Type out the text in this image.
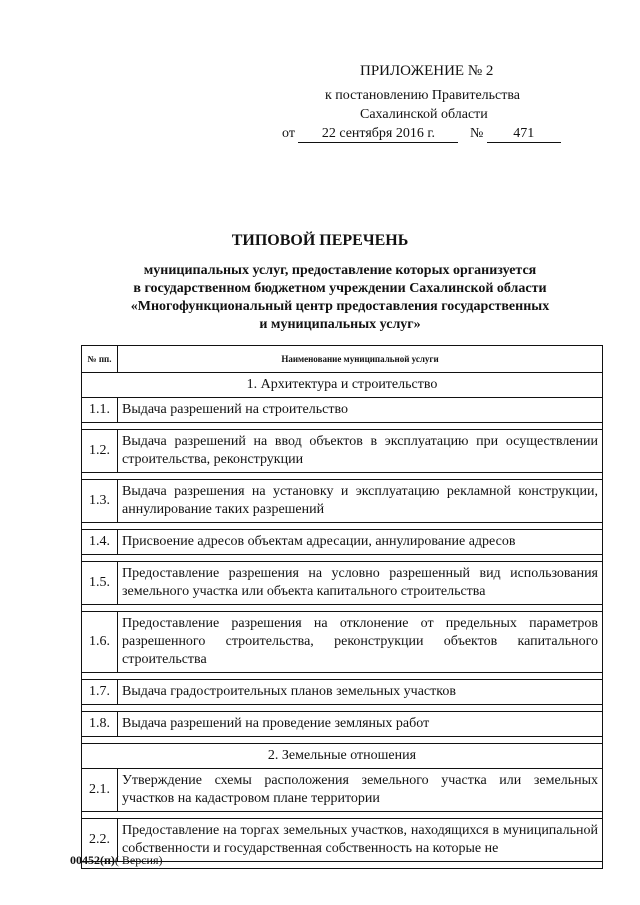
ПРИЛОЖЕНИЕ № 2
к постановлению Правительства
Сахалинской области
от 22 сентября 2016 г. № 471
ТИПОВОЙ ПЕРЕЧЕНЬ
муниципальных услуг, предоставление которых организуется
в государственном бюджетном учреждении Сахалинской области
«Многофункциональный центр предоставления государственных
и муниципальных услуг»
№ пп.	Наименование муниципальной услуги
1. Архитектура и строительство	
1.1.	Выдача разрешений на строительство

1.2.	Выдача разрешений на ввод объектов в эксплуатацию при осуществлении строительства, реконструкции

1.3.	Выдача разрешения на установку и эксплуатацию рекламной конструкции, аннулирование таких разрешений

1.4.	Присвоение адресов объектам адресации, аннулирование адресов

1.5.	Предоставление разрешения на условно разрешенный вид использования земельного участка или объекта капитального строительства

1.6.	Предоставление разрешения на отклонение от предельных параметров разрешенного строительства, реконструкции объектов капитального строительства

1.7.	Выдача градостроительных планов земельных участков

1.8.	Выдача разрешений на проведение земляных работ

2. Земельные отношения	
2.1.	Утверждение схемы расположения земельного участка или земельных участков на кадастровом плане территории

2.2.	Предоставление на торгах земельных участков, находящихся в муниципальной собственности и государственная собственность на которые не

00452(п)( Версия)
